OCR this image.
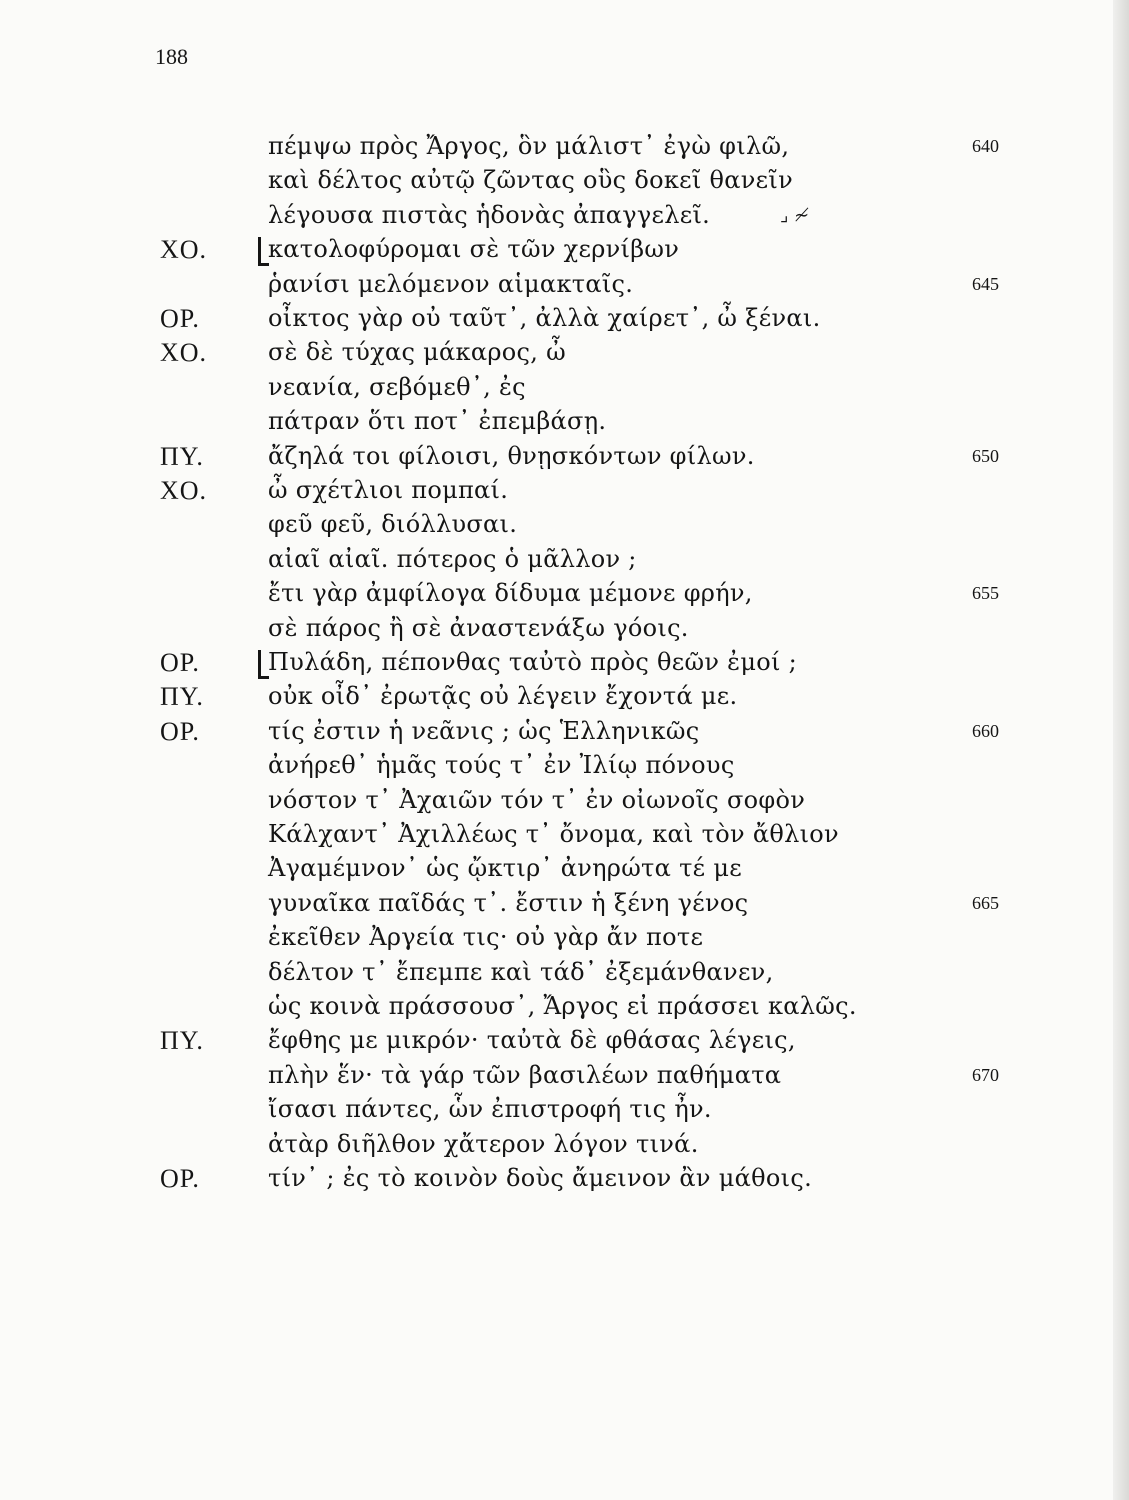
188
πέμψω πρὸς Ἄργος, ὃν μάλιστ᾽ ἐγὼ φιλῶ,	640
καὶ δέλτος αὐτῷ ζῶντας οὓς δοκεῖ θανεῖν
λέγουσα πιστὰς ἡδονὰς ἀπαγγελεῖ.	⌟ ≁
ΧΟ.	κατολοφύρομαι σὲ τῶν χερνίβων
ῥανίσι μελόμενον αἱμακταῖς.	645
ΟΡ.	οἶκτος γὰρ οὐ ταῦτ᾽, ἀλλὰ χαίρετ᾽, ὦ ξέναι.
ΧΟ.	σὲ δὲ τύχας μάκαρος, ὦ
νεανία, σεβόμεθ᾽, ἐς
πάτραν ὅτι ποτ᾽ ἐπεμβάσῃ.
ΠΥ.	ἄζηλά τοι φίλοισι, θνῃσκόντων φίλων.	650
ΧΟ.	ὦ σχέτλιοι πομπαί.
φεῦ φεῦ, διόλλυσαι.
αἰαῖ αἰαῖ. πότερος ὁ μᾶλλον ;
ἔτι γὰρ ἀμφίλογα δίδυμα μέμονε φρήν,	655
σὲ πάρος ἢ σὲ ἀναστενάξω γόοις.
ΟΡ.	Πυλάδη, πέπονθας ταὐτὸ πρὸς θεῶν ἐμοί ;
ΠΥ.	οὐκ οἶδ᾽ ἐρωτᾷς οὐ λέγειν ἔχοντά με.
ΟΡ.	τίς ἐστιν ἡ νεᾶνις ; ὡς Ἑλληνικῶς	660
ἀνήρεθ᾽ ἡμᾶς τούς τ᾽ ἐν Ἰλίῳ πόνους
νόστον τ᾽ Ἀχαιῶν τόν τ᾽ ἐν οἰωνοῖς σοφὸν
Κάλχαντ᾽ Ἀχιλλέως τ᾽ ὄνομα, καὶ τὸν ἄθλιον
Ἀγαμέμνον᾽ ὡς ᾤκτιρ᾽ ἀνηρώτα τέ με
γυναῖκα παῖδάς τ᾽. ἔστιν ἡ ξένη γένος	665
ἐκεῖθεν Ἀργεία τις· οὐ γὰρ ἄν ποτε
δέλτον τ᾽ ἔπεμπε καὶ τάδ᾽ ἐξεμάνθανεν,
ὡς κοινὰ πράσσουσ᾽, Ἄργος εἰ πράσσει καλῶς.
ΠΥ.	ἔφθης με μικρόν· ταὐτὰ δὲ φθάσας λέγεις,
πλὴν ἕν· τὰ γάρ τῶν βασιλέων παθήματα	670
ἴσασι πάντες, ὧν ἐπιστροφή τις ἦν.
ἀτὰρ διῆλθον χἄτερον λόγον τινά.
ΟΡ.	τίν᾽ ; ἐς τὸ κοινὸν δοὺς ἄμεινον ἂν μάθοις.
